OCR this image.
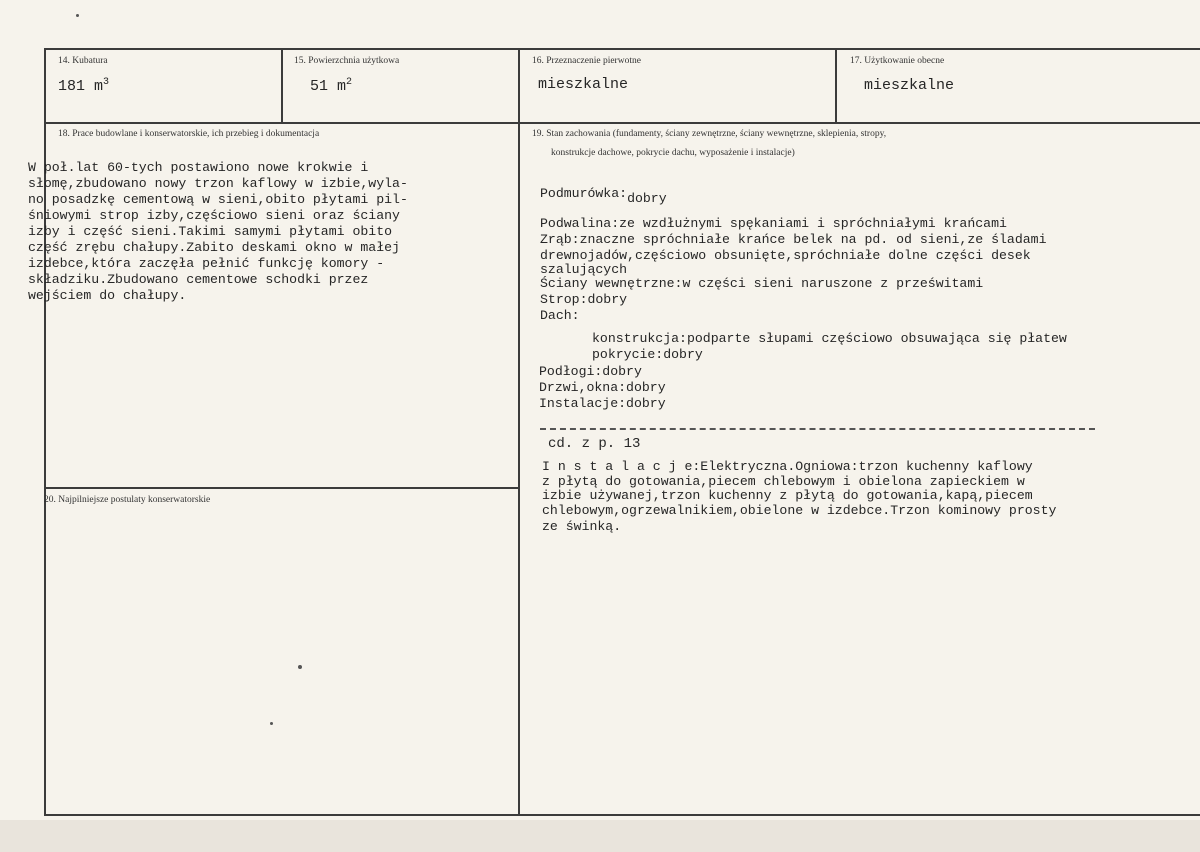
14. Kubatura
181 $m^3$
15. Powierzchnia użytkowa
51 $m^2$
16. Przeznaczenie pierwotne
mieszkalne
17. Użytkowanie obecne
mieszkalne
18. Prace budowlane i konserwatorskie, ich przebieg i dokumentacja
W poł.lat 60-tych postawiono nowe krokwie i
słomę,zbudowano nowy trzon kaflowy w izbie,wyla-
no posadzkę cementową w sieni,obito płytami pil-
śniowymi strop izby,częściowo sieni oraz ściany
izby i część sieni.Takimi samymi płytami obito
część zrębu chałupy.Zabito deskami okno w małej
izdebce,która zaczęła pełnić funkcję komory -
składziku.Zbudowano cementowe schodki przez
wejściem do chałupy.
20. Najpilniejsze postulaty konserwatorskie
19. Stan zachowania (fundamenty, ściany zewnętrzne, ściany wewnętrzne, sklepienia, stropy,
konstrukcje dachowe, pokrycie dachu, wyposażenie i instalacje)
Podmurówka:dobry
Podwalina:ze wzdłużnymi spękaniami i spróchniałymi krańcami
Zrąb:znaczne spróchniałe krańce belek na pd. od sieni,ze śladami
drewnojadów,częściowo obsunięte,spróchniałe dolne części desek
szalujących
Ściany wewnętrzne:w części sieni naruszone z prześwitami
Strop:dobry
Dach:
konstrukcja:podparte słupami częściowo obsuwająca się płatew
pokrycie:dobry
Podłogi:dobry
Drzwi,okna:dobry
Instalacje:dobry
cd. z p. 13
I n s t a l a c j e:Elektryczna.Ogniowa:trzon kuchenny kaflowy
z płytą do gotowania,piecem chlebowym i obielona zapieckiem w
izbie używanej,trzon kuchenny z płytą do gotowania,kapą,piecem
chlebowym,ogrzewalnikiem,obielone w izdebce.Trzon kominowy prosty
ze świnką.
